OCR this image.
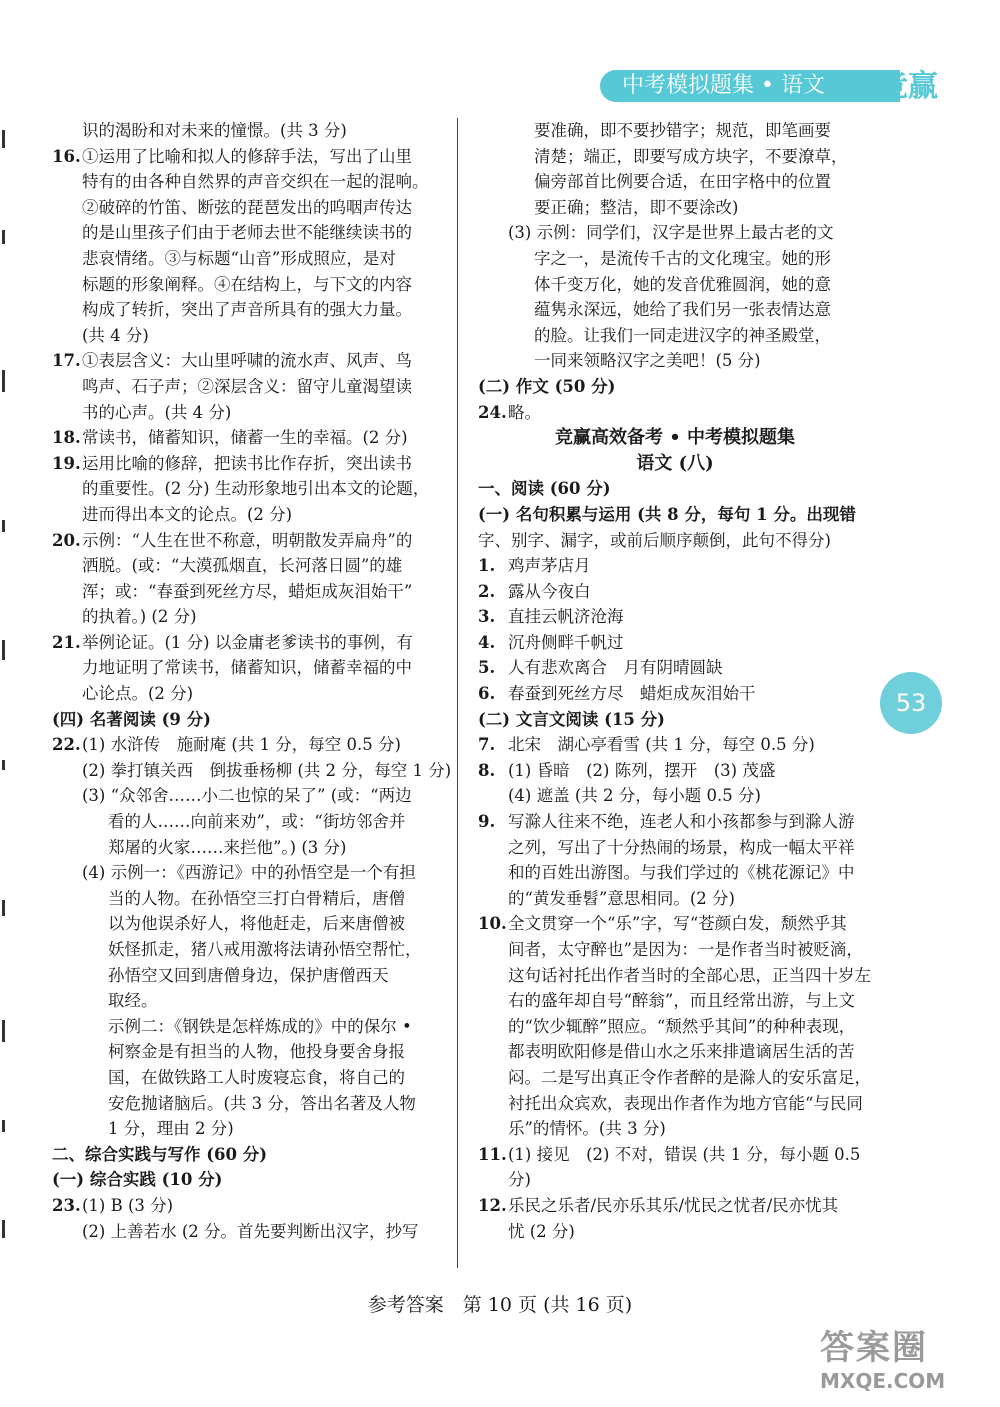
中考模拟题集 • 语文	竞赢
识的渴盼和对未来的憧憬。(共 3 分)
16.①运用了比喻和拟人的修辞手法，写出了山里
特有的由各种自然界的声音交织在一起的混响。
②破碎的竹笛、断弦的琵琶发出的呜咽声传达
的是山里孩子们由于老师去世不能继续读书的
悲哀情绪。③与标题“山音”形成照应，是对
标题的形象阐释。④在结构上，与下文的内容
构成了转折，突出了声音所具有的强大力量。
(共 4 分)
17.①表层含义：大山里呼啸的流水声、风声、鸟
鸣声、石子声；②深层含义：留守儿童渴望读
书的心声。(共 4 分)
18.常读书，储蓄知识，储蓄一生的幸福。(2 分)
19.运用比喻的修辞，把读书比作存折，突出读书
的重要性。(2 分) 生动形象地引出本文的论题，
进而得出本文的论点。(2 分)
20.示例：“人生在世不称意，明朝散发弄扁舟”的
洒脱。(或：“大漠孤烟直，长河落日圆”的雄
浑；或：“春蚕到死丝方尽，蜡炬成灰泪始干”
的执着。) (2 分)
21.举例论证。(1 分) 以金庸老爹读书的事例，有
力地证明了常读书，储蓄知识，储蓄幸福的中
心论点。(2 分)
(四) 名著阅读 (9 分)
22.(1) 水浒传　施耐庵 (共 1 分，每空 0.5 分)
(2) 拳打镇关西　倒拔垂杨柳 (共 2 分，每空 1 分)
(3) “众邻舍……小二也惊的呆了” (或：“两边
看的人……向前来劝”，或：“街坊邻舍并
郑屠的火家……来拦他”。) (3 分)
(4) 示例一：《西游记》中的孙悟空是一个有担
当的人物。在孙悟空三打白骨精后，唐僧
以为他误杀好人，将他赶走，后来唐僧被
妖怪抓走，猪八戒用激将法请孙悟空帮忙，
孙悟空又回到唐僧身边，保护唐僧西天
取经。
示例二：《钢铁是怎样炼成的》中的保尔 •
柯察金是有担当的人物，他投身要舍身报
国，在做铁路工人时废寝忘食，将自己的
安危抛诸脑后。(共 3 分，答出名著及人物
1 分，理由 2 分)
二、综合实践与写作 (60 分)
(一) 综合实践 (10 分)
23.(1) B (3 分)
(2) 上善若水 (2 分。首先要判断出汉字，抄写
要准确，即不要抄错字；规范，即笔画要
清楚；端正，即要写成方块字，不要潦草，
偏旁部首比例要合适，在田字格中的位置
要正确；整洁，即不要涂改)
(3) 示例：同学们，汉字是世界上最古老的文
字之一，是流传千古的文化瑰宝。她的形
体千变万化，她的发音优雅圆润，她的意
蕴隽永深远，她给了我们另一张表情达意
的脸。让我们一同走进汉字的神圣殿堂，
一同来领略汉字之美吧！(5 分)
(二) 作文 (50 分)
24.略。
竞赢高效备考 • 中考模拟题集
语文 (八)
一、阅读 (60 分)
(一) 名句积累与运用 (共 8 分，每句 1 分。出现错
字、别字、漏字，或前后顺序颠倒，此句不得分)
1. 鸡声茅店月
2. 露从今夜白
3. 直挂云帆济沧海
4. 沉舟侧畔千帆过
5. 人有悲欢离合　月有阴晴圆缺
6. 春蚕到死丝方尽　蜡炬成灰泪始干
(二) 文言文阅读 (15 分)
7. 北宋　湖心亭看雪 (共 1 分，每空 0.5 分)
8. (1) 昏暗　(2) 陈列，摆开　(3) 茂盛
(4) 遮盖 (共 2 分，每小题 0.5 分)
9. 写滁人往来不绝，连老人和小孩都参与到滁人游
之列，写出了十分热闹的场景，构成一幅太平祥
和的百姓出游图。与我们学过的《桃花源记》中
的“黄发垂髫”意思相同。(2 分)
10.全文贯穿一个“乐”字，写“苍颜白发，颓然乎其
间者，太守醉也”是因为：一是作者当时被贬滴，
这句话衬托出作者当时的全部心思，正当四十岁左
右的盛年却自号“醉翁”，而且经常出游，与上文
的“饮少辄醉”照应。“颓然乎其间”的种种表现，
都表明欧阳修是借山水之乐来排遣谪居生活的苦
闷。二是写出真正令作者醉的是滁人的安乐富足，
衬托出众宾欢，表现出作者作为地方官能“与民同
乐”的情怀。(共 3 分)
11.(1) 接见　(2) 不对，错误 (共 1 分，每小题 0.5
分)
12.乐民之乐者/民亦乐其乐/忧民之忧者/民亦忧其
忧 (2 分)
53
参考答案　第 10 页 (共 16 页)
答案圈
MXQE.COM
